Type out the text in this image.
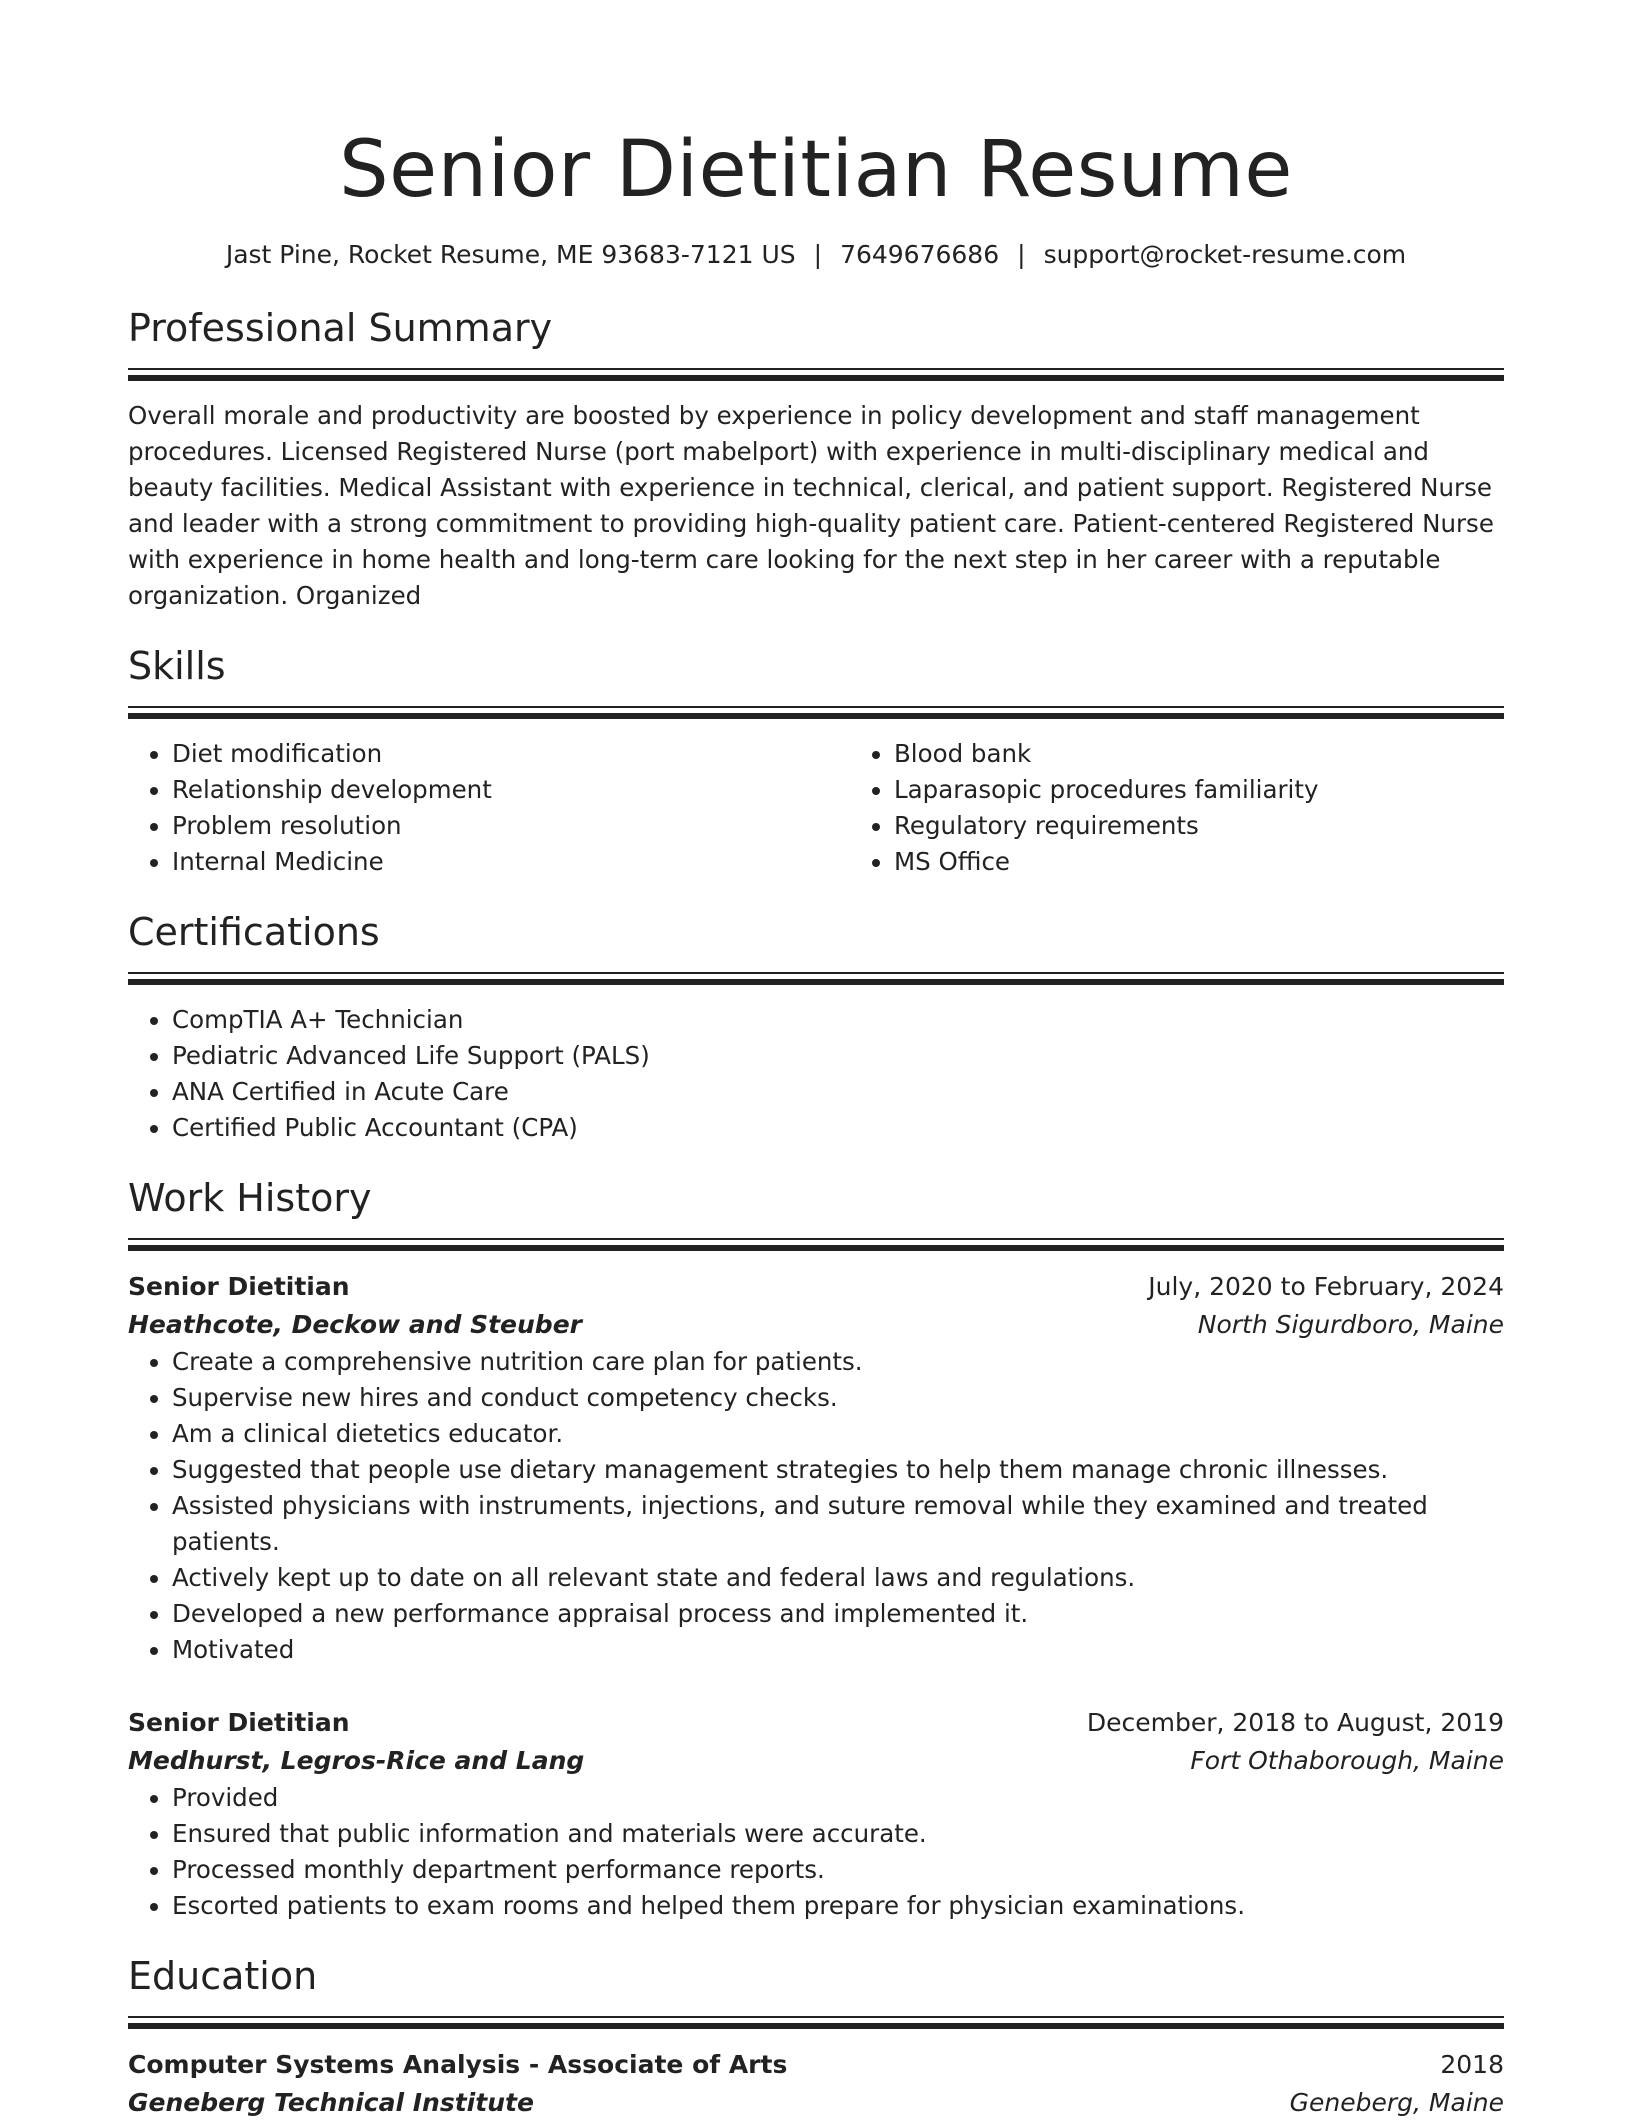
Senior Dietitian Resume
Jast Pine, Rocket Resume, ME 93683-7121 US | 7649676686 | support@rocket-resume.com
Professional Summary

Overall morale and productivity are boosted by experience in policy development and staff management procedures. Licensed Registered Nurse (port mabelport) with experience in multi-disciplinary medical and beauty facilities. Medical Assistant with experience in technical, clerical, and patient support. Registered Nurse and leader with a strong commitment to providing high-quality patient care. Patient-centered Registered Nurse with experience in home health and long-term care looking for the next step in her career with a reputable organization. Organized

Skills
• Diet modification
• Relationship development
• Problem resolution
• Internal Medicine
• Blood bank
• Laparasopic procedures familiarity
• Regulatory requirements
• MS Office
Certifications
• CompTIA A+ Technician
• Pediatric Advanced Life Support (PALS)
• ANA Certified in Acute Care
• Certified Public Accountant (CPA)
Work History
Senior Dietitian	July, 2020 to February, 2024
Heathcote, Deckow and Steuber	North Sigurdboro, Maine
• Create a comprehensive nutrition care plan for patients.
• Supervise new hires and conduct competency checks.
• Am a clinical dietetics educator.
• Suggested that people use dietary management strategies to help them manage chronic illnesses.
• Assisted physicians with instruments, injections, and suture removal while they examined and treated patients.
• Actively kept up to date on all relevant state and federal laws and regulations.
• Developed a new performance appraisal process and implemented it.
• Motivated
Senior Dietitian	December, 2018 to August, 2019
Medhurst, Legros-Rice and Lang	Fort Othaborough, Maine
• Provided
• Ensured that public information and materials were accurate.
• Processed monthly department performance reports.
• Escorted patients to exam rooms and helped them prepare for physician examinations.
Education
Computer Systems Analysis - Associate of Arts	2018
Geneberg Technical Institute	Geneberg, Maine
